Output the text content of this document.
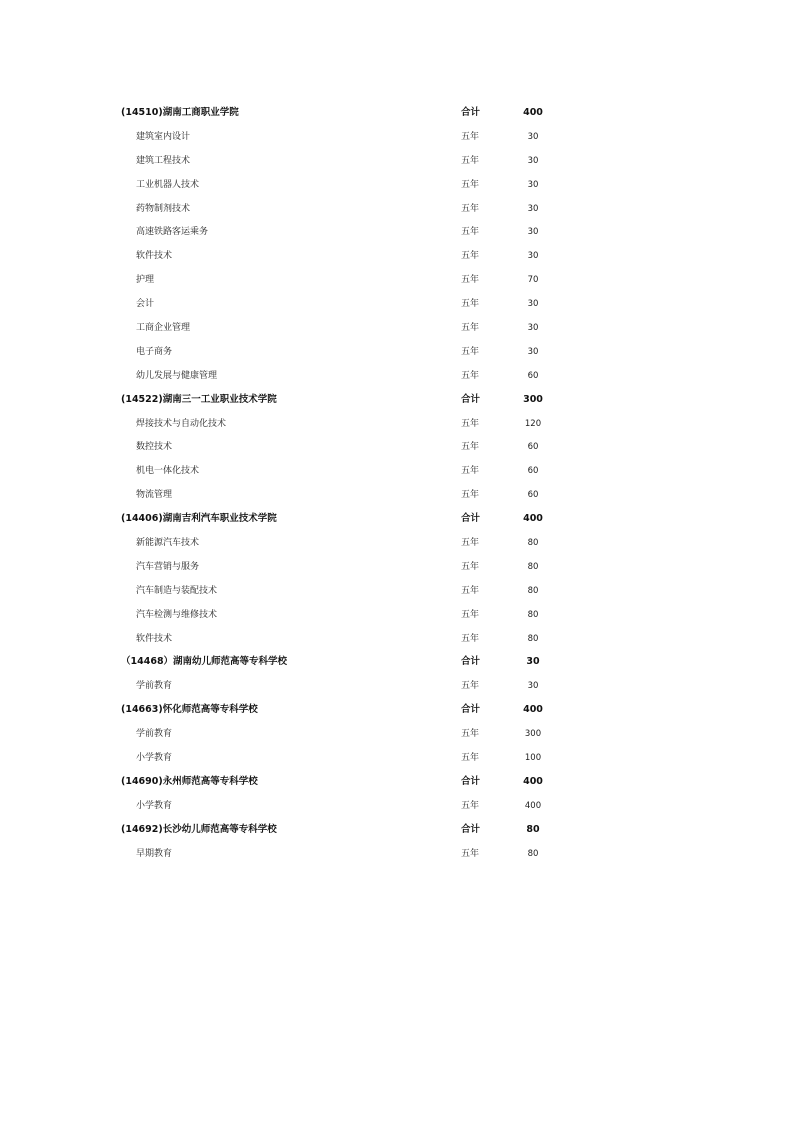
(14510)湖南工商职业学院	合计	400
建筑室内设计	五年	30
建筑工程技术	五年	30
工业机器人技术	五年	30
药物制剂技术	五年	30
高速铁路客运乘务	五年	30
软件技术	五年	30
护理	五年	70
会计	五年	30
工商企业管理	五年	30
电子商务	五年	30
幼儿发展与健康管理	五年	60
(14522)湖南三一工业职业技术学院	合计	300
焊接技术与自动化技术	五年	120
数控技术	五年	60
机电一体化技术	五年	60
物流管理	五年	60
(14406)湖南吉利汽车职业技术学院	合计	400
新能源汽车技术	五年	80
汽车营销与服务	五年	80
汽车制造与装配技术	五年	80
汽车检测与维修技术	五年	80
软件技术	五年	80
（14468）湖南幼儿师范高等专科学校	合计	30
学前教育	五年	30
(14663)怀化师范高等专科学校	合计	400
学前教育	五年	300
小学教育	五年	100
(14690)永州师范高等专科学校	合计	400
小学教育	五年	400
(14692)长沙幼儿师范高等专科学校	合计	80
早期教育	五年	80
